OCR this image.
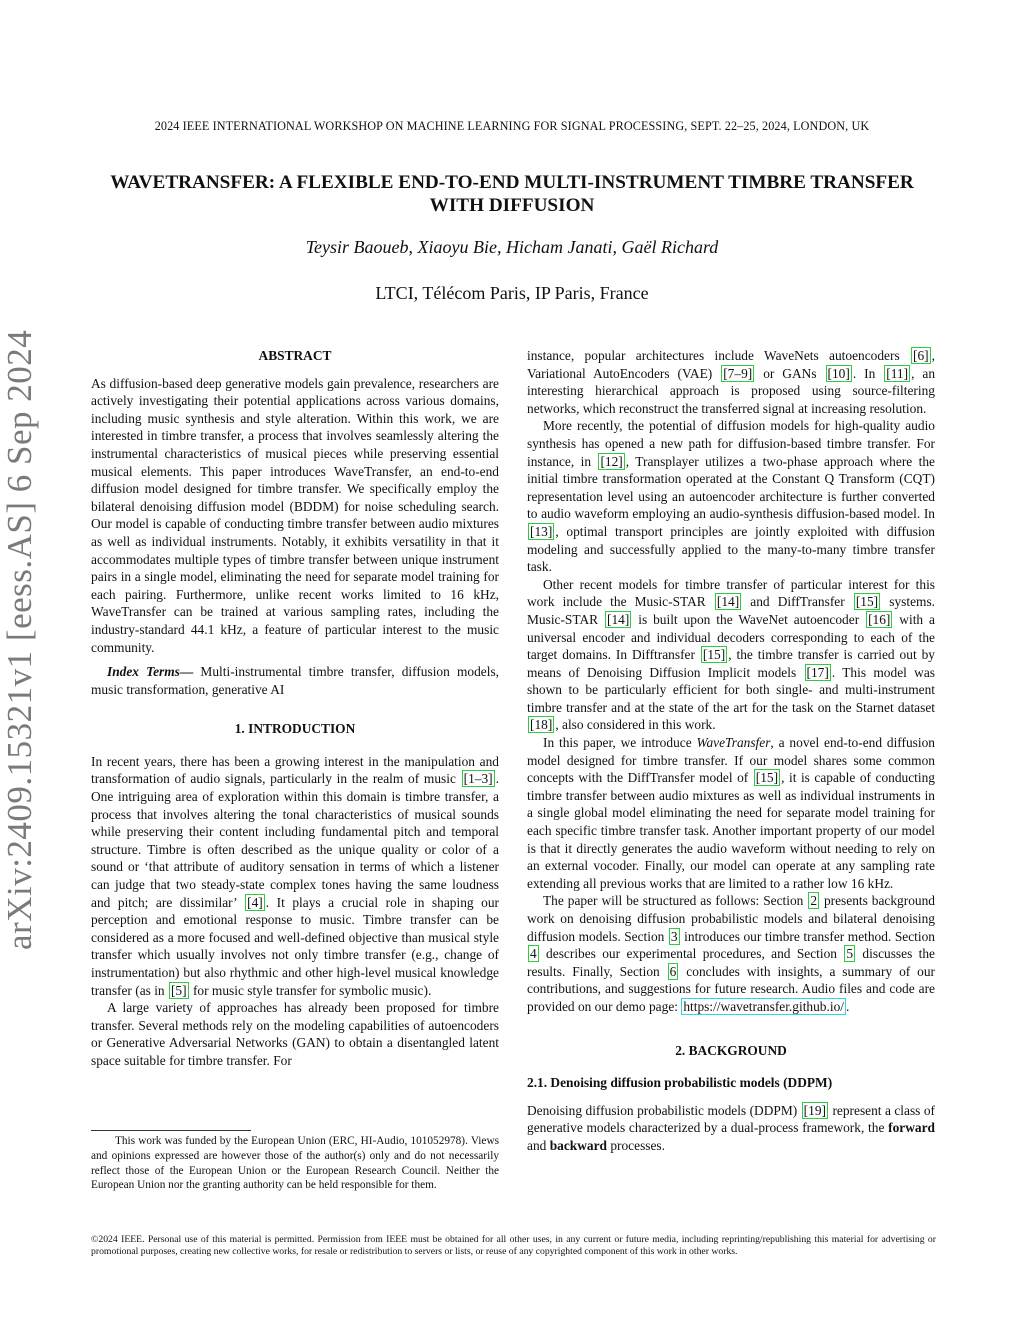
2024 IEEE INTERNATIONAL WORKSHOP ON MACHINE LEARNING FOR SIGNAL PROCESSING, SEPT. 22–25, 2024, LONDON, UK
WAVETRANSFER: A FLEXIBLE END-TO-END MULTI-INSTRUMENT TIMBRE TRANSFER
WITH DIFFUSION
Teysir Baoueb, Xiaoyu Bie, Hicham Janati, Gaël Richard
LTCI, Télécom Paris, IP Paris, France
arXiv:2409.15321v1 [eess.AS] 6 Sep 2024	ABSTRACT

As diffusion-based deep generative models gain prevalence, researchers are actively investigating their potential applications across various domains, including music synthesis and style alteration. Within this work, we are interested in timbre transfer, a process that involves seamlessly altering the instrumental characteristics of musical pieces while preserving essential musical elements. This paper introduces WaveTransfer, an end-to-end diffusion model designed for timbre transfer. We specifically employ the bilateral denoising diffusion model (BDDM) for noise scheduling search. Our model is capable of conducting timbre transfer between audio mixtures as well as individual instruments. Notably, it exhibits versatility in that it accommodates multiple types of timbre transfer between unique instrument pairs in a single model, eliminating the need for separate model training for each pairing. Furthermore, unlike recent works limited to 16 kHz, WaveTransfer can be trained at various sampling rates, including the industry-standard 44.1 kHz, a feature of particular interest to the music community.

Index Terms— Multi-instrumental timbre transfer, diffusion models, music transformation, generative AI

1. INTRODUCTION

In recent years, there has been a growing interest in the manipulation and transformation of audio signals, particularly in the realm of music [1–3] . One intriguing area of exploration within this domain is timbre transfer, a process that involves altering the tonal characteristics of musical sounds while preserving their content including fundamental pitch and temporal structure. Timbre is often described as the unique quality or color of a sound or ‘that attribute of auditory sensation in terms of which a listener can judge that two steady-state complex tones having the same loudness and pitch; are dissimilar’ [4] . It plays a crucial role in shaping our perception and emotional response to music. Timbre transfer can be considered as a more focused and well-defined objective than musical style transfer which usually involves not only timbre transfer (e.g., change of instrumentation) but also rhythmic and other high-level musical knowledge transfer (as in [5] for music style transfer for symbolic music).

A large variety of approaches has already been proposed for timbre transfer. Several methods rely on the modeling capabilities of autoencoders or Generative Adversarial Networks (GAN) to obtain a disentangled latent space suitable for timbre transfer. For

This work was funded by the European Union (ERC, HI-Audio, 101052978). Views and opinions expressed are however those of the author(s) only and do not necessarily reflect those of the European Union or the European Research Council. Neither the European Union nor the granting authority can be held responsible for them.

instance, popular architectures include WaveNets autoencoders [6] , Variational AutoEncoders (VAE) [7–9] or GANs [10] . In [11] , an interesting hierarchical approach is proposed using source-filtering networks, which reconstruct the transferred signal at increasing resolution.

More recently, the potential of diffusion models for high-quality audio synthesis has opened a new path for diffusion-based timbre transfer. For instance, in [12] , Transplayer utilizes a two-phase approach where the initial timbre transformation operated at the Constant Q Transform (CQT) representation level using an autoencoder architecture is further converted to audio waveform employing an audio-synthesis diffusion-based model. In [13] , optimal transport principles are jointly exploited with diffusion modeling and successfully applied to the many-to-many timbre transfer task.

Other recent models for timbre transfer of particular interest for this work include the Music-STAR [14] and DiffTransfer [15] systems. Music-STAR [14] is built upon the WaveNet autoencoder [16] with a universal encoder and individual decoders corresponding to each of the target domains. In Difftransfer [15] , the timbre transfer is carried out by means of Denoising Diffusion Implicit models [17] . This model was shown to be particularly efficient for both single- and multi-instrument timbre transfer and at the state of the art for the task on the Starnet dataset [18] , also considered in this work.

In this paper, we introduce WaveTransfer, a novel end-to-end diffusion model designed for timbre transfer. If our model shares some common concepts with the DiffTransfer model of [15] , it is capable of conducting timbre transfer between audio mixtures as well as individual instruments in a single global model eliminating the need for separate model training for each specific timbre transfer task. Another important property of our model is that it directly generates the audio waveform without needing to rely on an external vocoder. Finally, our model can operate at any sampling rate extending all previous works that are limited to a rather low 16 kHz.

The paper will be structured as follows: Section 2 presents background work on denoising diffusion probabilistic models and bilateral denoising diffusion models. Section 3 introduces our timbre transfer method. Section 4 describes our experimental procedures, and Section 5 discusses the results. Finally, Section 6 concludes with insights, a summary of our contributions, and suggestions for future research. Audio files and code are provided on our demo page: https://wavetransfer.github.io/ .

2. BACKGROUND
2.1. Denoising diffusion probabilistic models (DDPM)

Denoising diffusion probabilistic models (DDPM) [19] represent a class of generative models characterized by a dual-process framework, the forward and backward processes.

©2024 IEEE. Personal use of this material is permitted. Permission from IEEE must be obtained for all other uses, in any current or future media, including reprinting/republishing this material for advertising or promotional purposes, creating new collective works, for resale or redistribution to servers or lists, or reuse of any copyrighted component of this work in other works.
